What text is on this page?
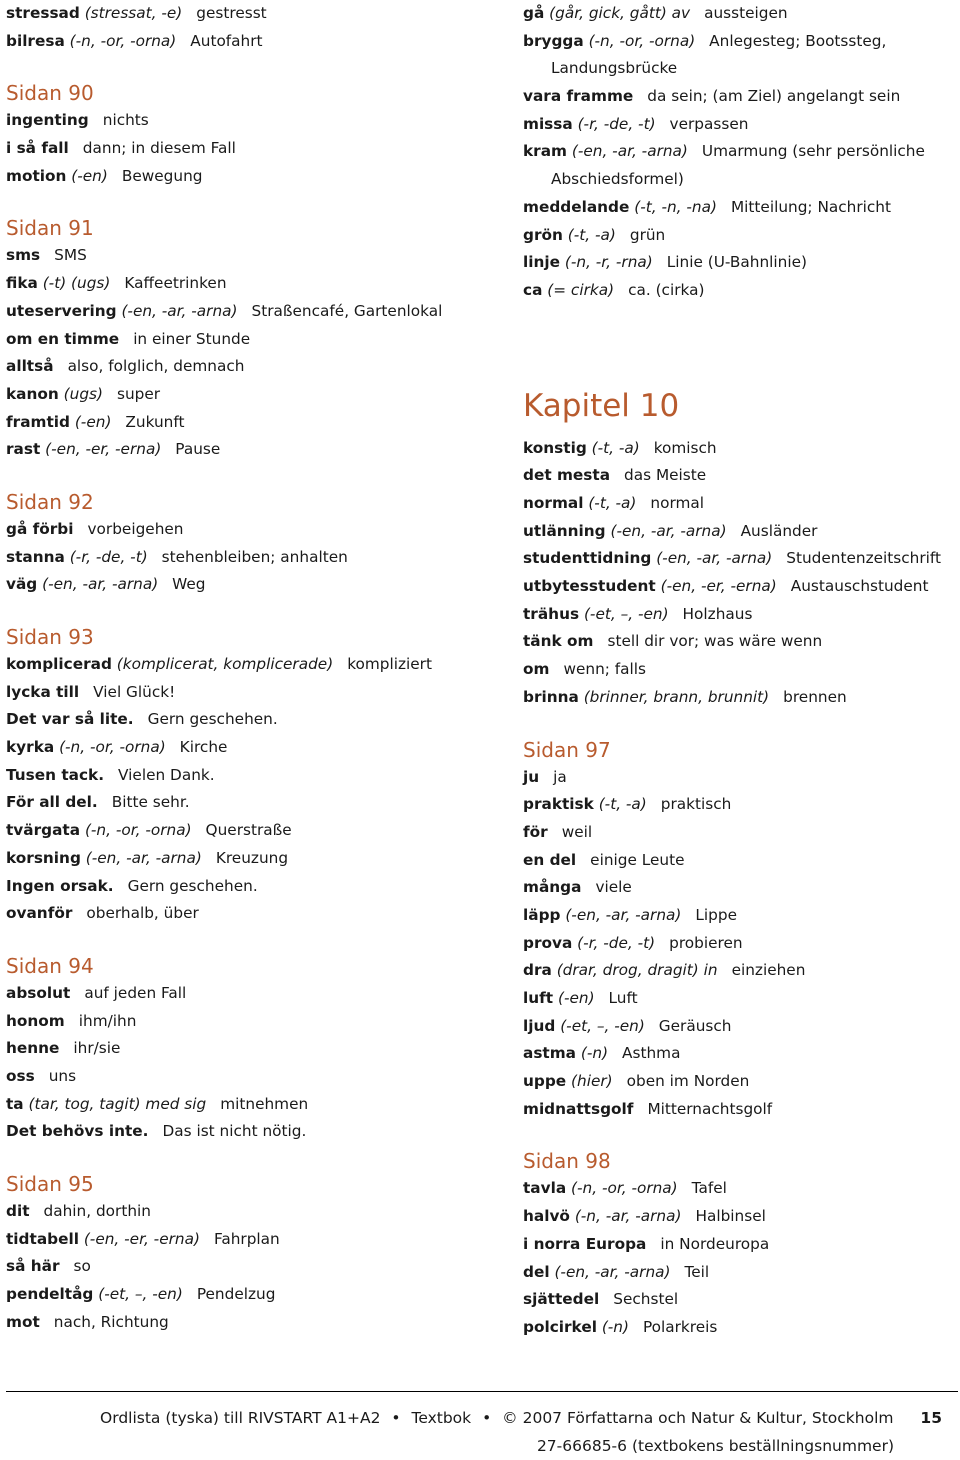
stressad (stressat, -e) gestresst
bilresa (-n, -or, -orna) Autofahrt
Sidan 90
ingenting nichts
i så fall dann; in diesem Fall
motion (-en) Bewegung
Sidan 91
sms SMS
fika (-t) (ugs) Kaffeetrinken
uteservering (-en, -ar, -arna) Straßencafé, Gartenlokal
om en timme in einer Stunde
alltså also, folglich, demnach
kanon (ugs) super
framtid (-en) Zukunft
rast (-en, -er, -erna) Pause
Sidan 92
gå förbi vorbeigehen
stanna (-r, -de, -t) stehenbleiben; anhalten
väg (-en, -ar, -arna) Weg
Sidan 93
komplicerad (komplicerat, komplicerade) kompliziert
lycka till Viel Glück!
Det var så lite. Gern geschehen.
kyrka (-n, -or, -orna) Kirche
Tusen tack. Vielen Dank.
För all del. Bitte sehr.
tvärgata (-n, -or, -orna) Querstraße
korsning (-en, -ar, -arna) Kreuzung
Ingen orsak. Gern geschehen.
ovanför oberhalb, über
Sidan 94
absolut auf jeden Fall
honom ihm/ihn
henne ihr/sie
oss uns
ta (tar, tog, tagit) med sig mitnehmen
Det behövs inte. Das ist nicht nötig.
Sidan 95
dit dahin, dorthin
tidtabell (-en, -er, -erna) Fahrplan
så här so
pendeltåg (-et, –, -en) Pendelzug
mot nach, Richtung
gå (går, gick, gått) av aussteigen
brygga (-n, -or, -orna) Anlegesteg; Bootssteg,
Landungsbrücke
vara framme da sein; (am Ziel) angelangt sein
missa (-r, -de, -t) verpassen
kram (-en, -ar, -arna) Umarmung (sehr persönliche
Abschiedsformel)
meddelande (-t, -n, -na) Mitteilung; Nachricht
grön (-t, -a) grün
linje (-n, -r, -rna) Linie (U-Bahnlinie)
ca (= cirka) ca. (cirka)
Kapitel 10
konstig (-t, -a) komisch
det mesta das Meiste
normal (-t, -a) normal
utlänning (-en, -ar, -arna) Ausländer
studenttidning (-en, -ar, -arna) Studentenzeitschrift
utbytesstudent (-en, -er, -erna) Austauschstudent
trähus (-et, –, -en) Holzhaus
tänk om stell dir vor; was wäre wenn
om wenn; falls
brinna (brinner, brann, brunnit) brennen
Sidan 97
ju ja
praktisk (-t, -a) praktisch
för weil
en del einige Leute
många viele
läpp (-en, -ar, -arna) Lippe
prova (-r, -de, -t) probieren
dra (drar, drog, dragit) in einziehen
luft (-en) Luft
ljud (-et, –, -en) Geräusch
astma (-n) Asthma
uppe (hier) oben im Norden
midnattsgolf Mitternachtsgolf
Sidan 98
tavla (-n, -or, -orna) Tafel
halvö (-n, -ar, -arna) Halbinsel
i norra Europa in Nordeuropa
del (-en, -ar, -arna) Teil
sjättedel Sechstel
polcirkel (-n) Polarkreis
Ordlista (tyska) till RIVSTART A1+A2 • Textbok • © 2007 Författarna och Natur & Kultur, Stockholm 15
27-66685-6 (textbokens beställningsnummer)
